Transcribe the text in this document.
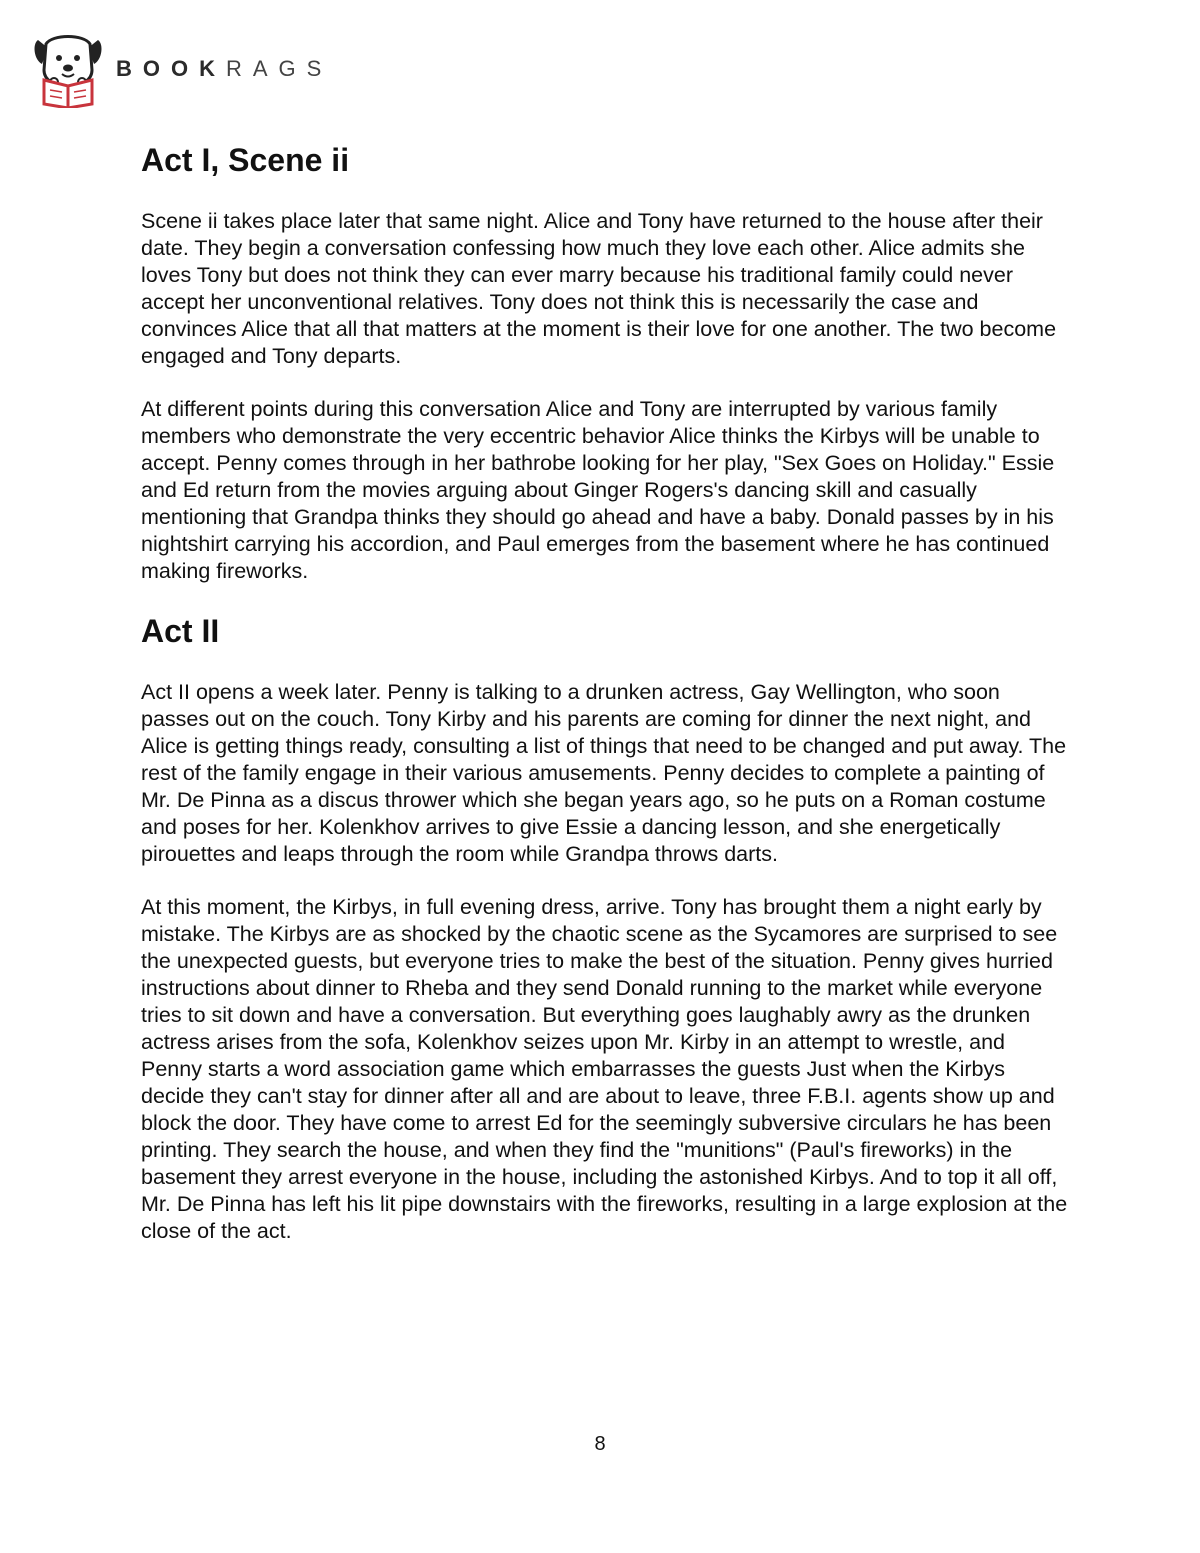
BOOKRAGS
Act I, Scene ii

Scene ii takes place later that same night. Alice and Tony have returned to the house after their date. They begin a conversation confessing how much they love each other. Alice admits she loves Tony but does not think they can ever marry because his traditional family could never accept her unconventional relatives. Tony does not think this is necessarily the case and convinces Alice that all that matters at the moment is their love for one another. The two become engaged and Tony departs.

At different points during this conversation Alice and Tony are interrupted by various family members who demonstrate the very eccentric behavior Alice thinks the Kirbys will be unable to accept. Penny comes through in her bathrobe looking for her play, "Sex Goes on Holiday." Essie and Ed return from the movies arguing about Ginger Rogers's dancing skill and casually mentioning that Grandpa thinks they should go ahead and have a baby. Donald passes by in his nightshirt carrying his accordion, and Paul emerges from the basement where he has continued making fireworks.

Act II

Act II opens a week later. Penny is talking to a drunken actress, Gay Wellington, who soon passes out on the couch. Tony Kirby and his parents are coming for dinner the next night, and Alice is getting things ready, consulting a list of things that need to be changed and put away. The rest of the family engage in their various amusements. Penny decides to complete a painting of Mr. De Pinna as a discus thrower which she began years ago, so he puts on a Roman costume and poses for her. Kolenkhov arrives to give Essie a dancing lesson, and she energetically pirouettes and leaps through the room while Grandpa throws darts.

At this moment, the Kirbys, in full evening dress, arrive. Tony has brought them a night early by mistake. The Kirbys are as shocked by the chaotic scene as the Sycamores are surprised to see the unexpected guests, but everyone tries to make the best of the situation. Penny gives hurried instructions about dinner to Rheba and they send Donald running to the market while everyone tries to sit down and have a conversation. But everything goes laughably awry as the drunken actress arises from the sofa, Kolenkhov seizes upon Mr. Kirby in an attempt to wrestle, and Penny starts a word association game which embarrasses the guests Just when the Kirbys decide they can't stay for dinner after all and are about to leave, three F.B.I. agents show up and block the door. They have come to arrest Ed for the seemingly subversive circulars he has been printing. They search the house, and when they find the "munitions" (Paul's fireworks) in the basement they arrest everyone in the house, including the astonished Kirbys. And to top it all off, Mr. De Pinna has left his lit pipe downstairs with the fireworks, resulting in a large explosion at the close of the act.

8
